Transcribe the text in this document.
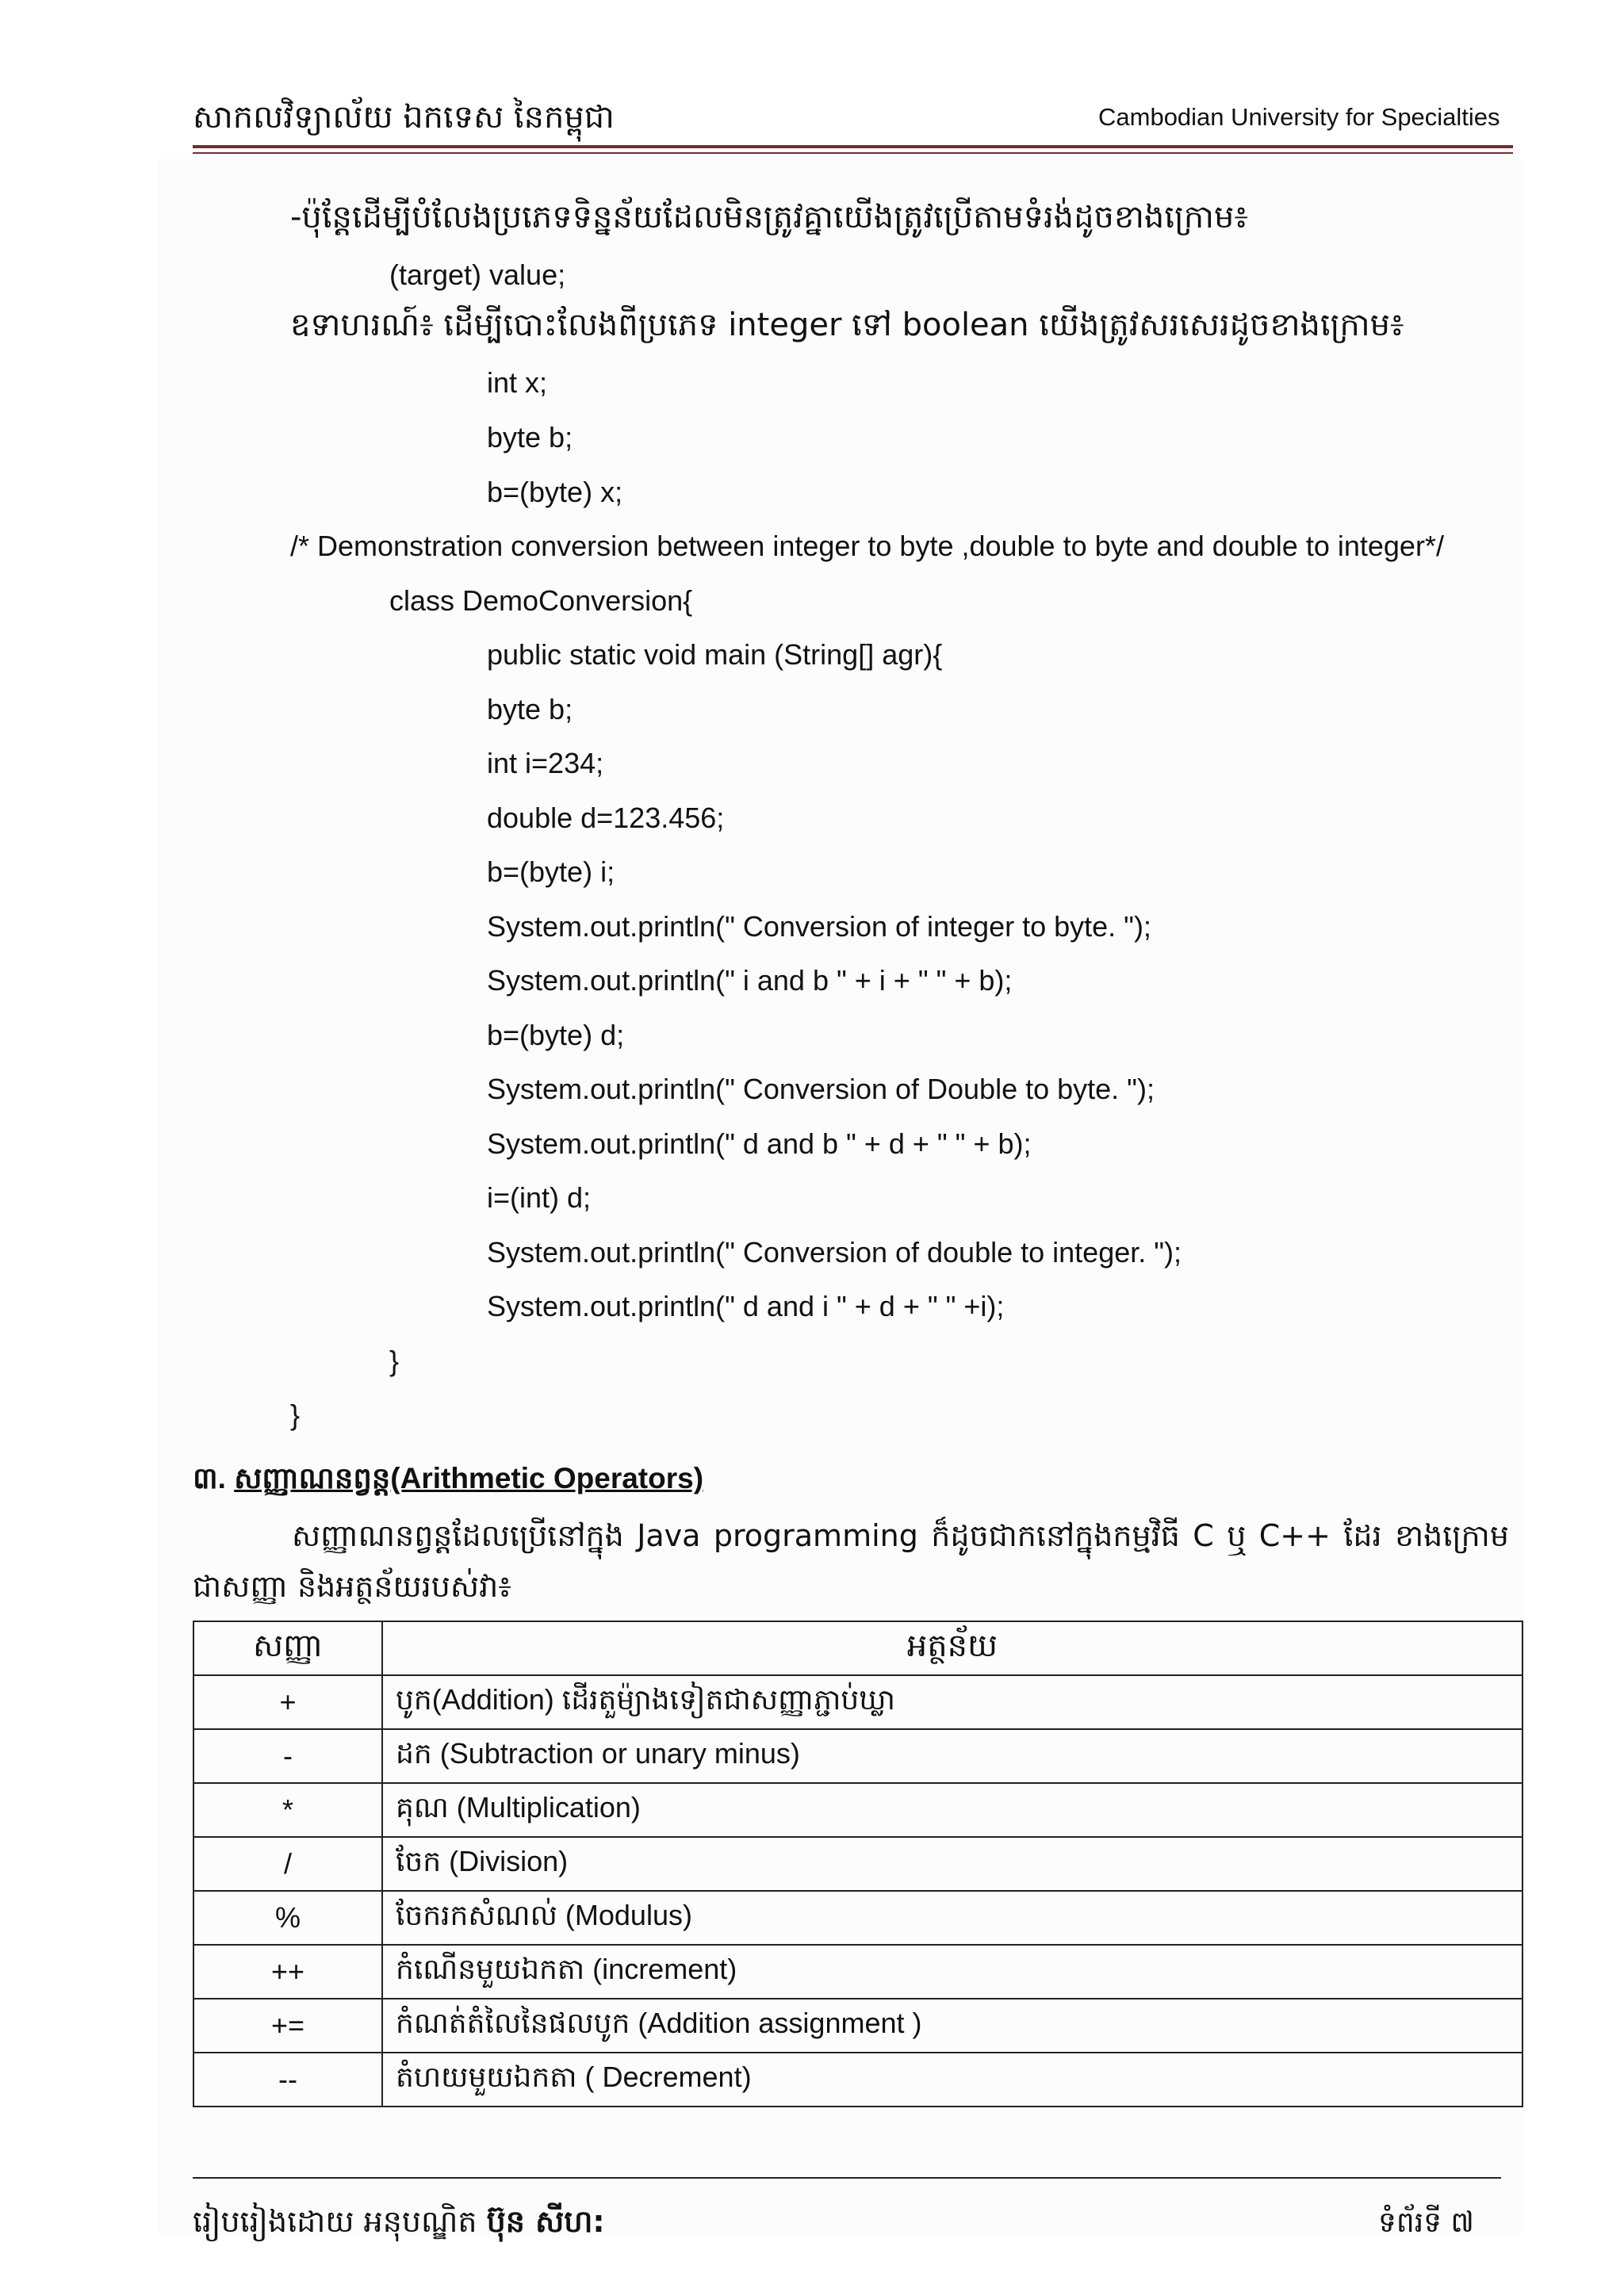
សាកលវិទ្យាល័យ ឯកទេស នៃកម្ពុជា	Cambodian University for Specialties
-ប៉ុន្តែដើម្បីបំលែងប្រភេទទិន្នន័យដែលមិនត្រូវគ្នាយើងត្រូវប្រើតាមទំរង់ដូចខាងក្រោម៖
(target) value;
ឧទាហរណ៍៖ ដើម្បីបោះលែងពីប្រភេទ integer ទៅ boolean យើងត្រូវសរសេរដូចខាងក្រោម៖
int x;
byte b;
b=(byte) x;
/* Demonstration conversion between integer to byte ,double to byte and double to integer*/
class DemoConversion{
public static void main (String[] agr){
byte b;
int i=234;
double d=123.456;
b=(byte) i;
System.out.println(" Conversion of integer to byte. ");
System.out.println(" i and b " + i + " " + b);
b=(byte) d;
System.out.println(" Conversion of Double to byte. ");
System.out.println(" d and b " + d + " " + b);
i=(int) d;
System.out.println(" Conversion of double to integer. ");
System.out.println(" d and i " + d + " " +i);
}
}
៣. សញ្ញាណនព្វន្ត(Arithmetic Operators)
សញ្ញាណនព្វន្តដែលប្រើនៅក្នុង Java programming ក៏ដូចជាកនៅក្នុងកម្មវិធី C ឬ C++ ដែរ ខាងក្រោមជាសញ្ញា និងអត្ថន័យរបស់វា៖
សញ្ញា	អត្ថន័យ
+	បូក(Addition) ដើរតួម៉្យាងទៀតជាសញ្ញាភ្ជាប់ឃ្លា
-	ដក (Subtraction or unary minus)
*	គុណ (Multiplication)
/	ចែក (Division)
%	ចែករកសំណល់ (Modulus)
++	កំណើនមួយឯកតា (increment)
+=	កំណត់តំលៃនៃផលបូក (Addition assignment )
--	តំហយមួយឯកតា ( Decrement)
រៀបរៀងដោយ អនុបណ្ឌិត ប៊ុន សីហ:	ទំព័រទី ៧
